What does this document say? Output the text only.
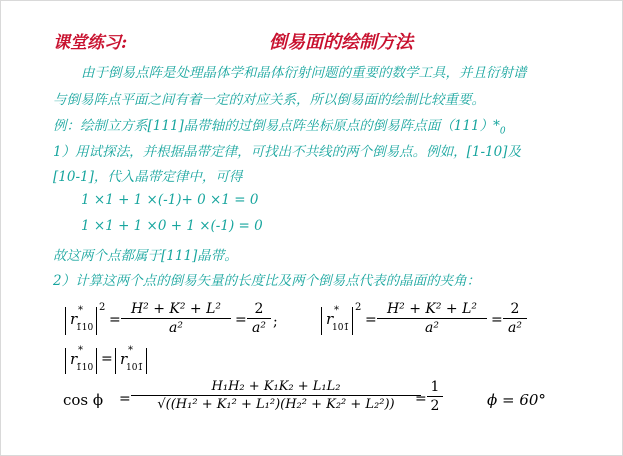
课堂练习:	倒易面的绘制方法
由于倒易点阵是处理晶体学和晶体衍射问题的重要的数学工具，并且衍射谱
与倒易阵点平面之间有着一定的对应关系，所以倒易面的绘制比较重要。
例：绘制立方系[111]晶带轴的过倒易点阵坐标原点的倒易阵点面$(111)*_0$
1）用试探法，并根据晶带定律，可找出不共线的两个倒易点。例如，[1-10]及
[10-1]，代入晶带定律中，可得
1 ×1 + 1 ×(-1)+ 0 ×1 = 0
1 ×1 + 1 ×0 + 1 ×(-1) = 0
故这两个点都属于[111]晶带。
2）计算这两个点的倒易矢量的长度比及两个倒易点代表的晶面的夹角：
r *
1̄10
2
=
H² + K² + L²
a²	=
2
a² ;	r *
101̄
2
=
H² + K² + L²
a²	=
2
a²
r *
1̄10
= r *
101̄
cos ϕ =
H₁H₂ + K₁K₂ + L₁L₂
√((H₁² + K₁² + L₁²)(H₂² + K₂² + L₂²))	=
1
2	ϕ = 60°
